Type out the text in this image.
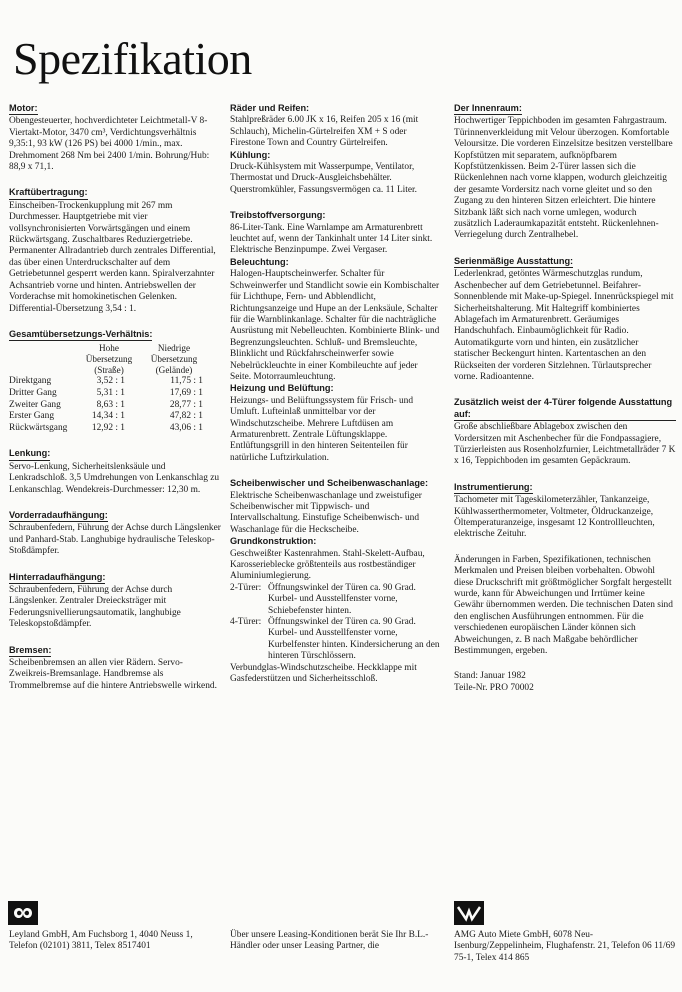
Spezifikation
Motor:

Obengesteuerter, hochverdichteter Leichtmetall-V 8-Viertakt-Motor, 3470 cm³, Verdichtungsverhältnis 9,35:1, 93 kW (126 PS) bei 4000 1/min., max. Drehmoment 268 Nm bei 2400 1/min. Bohrung/Hub: 88,9 x 71,1.

Kraftübertragung:

Einscheiben-Trockenkupplung mit 267 mm Durchmesser. Hauptgetriebe mit vier vollsynchronisierten Vorwärtsgängen und einem Rückwärtsgang. Zuschaltbares Reduziergetriebe. Permanenter Allradantrieb durch zentrales Differential, das über einen Unterdruckschalter auf dem Getriebetunnel gesperrt werden kann. Spiralverzahnter Achsantrieb vorne und hinten. Antriebswellen der Vorderachse mit homokinetischen Gelenken. Differential-Übersetzung 3,54 : 1.

Gesamtübersetzungs-Verhältnis:
Hohe Übersetzung (Straße)
Niedrige Übersetzung (Gelände)
Direktgang	3,52 : 1	11,75 : 1
Dritter Gang	5,31 : 1	17,69 : 1
Zweiter Gang	8,63 : 1	28,77 : 1
Erster Gang	14,34 : 1	47,82 : 1
Rückwärtsgang	12,92 : 1	43,06 : 1
Lenkung:

Servo-Lenkung, Sicherheitslenksäule und Lenkradschloß. 3,5 Umdrehungen von Lenkanschlag zu Lenkanschlag. Wendekreis-Durchmesser: 12,30 m.

Vorderradaufhängung:

Schraubenfedern, Führung der Achse durch Längslenker und Panhard-Stab. Langhubige hydraulische Teleskop-Stoßdämpfer.

Hinterradaufhängung:

Schraubenfedern, Führung der Achse durch Längslenker. Zentraler Dreiecksträger mit Federungsnivellierungsautomatik, langhubige Teleskopstoßdämpfer.

Bremsen:

Scheibenbremsen an allen vier Rädern. Servo-Zweikreis-Bremsanlage. Handbremse als Trommelbremse auf die hintere Antriebswelle wirkend.

Räder und Reifen:

Stahlpreßräder 6.00 JK x 16, Reifen 205 x 16 (mit Schlauch), Michelin-Gürtelreifen XM + S oder Firestone Town and Country Gürtelreifen.

Kühlung:

Druck-Kühlsystem mit Wasserpumpe, Ventilator, Thermostat und Druck-Ausgleichsbehälter. Querstromkühler, Fassungsvermögen ca. 11 Liter.

Treibstoffversorgung:

86-Liter-Tank. Eine Warnlampe am Armaturenbrett leuchtet auf, wenn der Tankinhalt unter 14 Liter sinkt. Elektrische Benzinpumpe. Zwei Vergaser.

Beleuchtung:

Halogen-Hauptscheinwerfer. Schalter für Schweinwerfer und Standlicht sowie ein Kombischalter für Lichthupe, Fern- und Abblendlicht, Richtungsanzeige und Hupe an der Lenksäule, Schalter für die Warnblinkanlage. Schalter für die nachträgliche Ausrüstung mit Nebelleuchten. Kombinierte Blink- und Begrenzungsleuchten. Schluß- und Bremsleuchte, Blinklicht und Rückfahrscheinwerfer sowie Nebelrückleuchte in einer Kombileuchte auf jeder Seite. Motorraumleuchtung.

Heizung und Belüftung:

Heizungs- und Belüftungssystem für Frisch- und Umluft. Lufteinlaß unmittelbar vor der Windschutzscheibe. Mehrere Luftdüsen am Armaturenbrett. Zentrale Lüftungsklappe. Entlüftungsgrill in den hinteren Seitenteilen für natürliche Luftzirkulation.

Scheibenwischer und Scheibenwaschanlage:

Elektrische Scheibenwaschanlage und zweistufiger Scheibenwischer mit Tippwisch- und Intervallschaltung. Einstufige Scheibenwisch- und Waschanlage für die Heckscheibe.

Grundkonstruktion:

Geschweißter Kastenrahmen. Stahl-Skelett-Aufbau, Karosserieblecke größtenteils aus rostbeständiger Aluminiumlegierung.

2-Türer: Öffnungswinkel der Türen ca. 90 Grad. Kurbel- und Ausstellfenster vorne, Schiebefenster hinten.
4-Türer: Öffnungswinkel der Türen ca. 90 Grad. Kurbel- und Ausstellfenster vorne, Kurbelfenster hinten. Kindersicherung an den hinteren Türschlössern.

Verbundglas-Windschutzscheibe. Heckklappe mit Gasfederstützen und Sicherheitsschloß.

Der Innenraum:

Hochwertiger Teppichboden im gesamten Fahrgastraum. Türinnenverkleidung mit Velour überzogen. Komfortable Veloursitze. Die vorderen Einzelsitze besitzen verstellbare Kopfstützen mit separatem, aufknöpfbarem Kopfstützenkissen. Beim 2-Türer lassen sich die Rückenlehnen nach vorne klappen, wodurch gleichzeitig der gesamte Vordersitz nach vorne gleitet und so den Zugang zu den hinteren Sitzen erleichtert. Die hintere Sitzbank läßt sich nach vorne umlegen, wodurch zusätzlich Laderaumkapazität entsteht. Rückenlehnen-Verriegelung durch Zentralhebel.

Serienmäßige Ausstattung:

Lederlenkrad, getöntes Wärmeschutzglas rundum, Aschenbecher auf dem Getriebetunnel. Beifahrer-Sonnenblende mit Make-up-Spiegel. Innenrückspiegel mit Sicherheitshalterung. Mit Haltegriff kombiniertes Ablagefach im Armaturenbrett. Geräumiges Handschuhfach. Einbaumöglichkeit für Radio. Automatikgurte vorn und hinten, ein zusätzlicher statischer Beckengurt hinten. Kartentaschen an den Rückseiten der vorderen Sitzlehnen. Türlautsprecher vorne. Radioantenne.

Zusätzlich weist der 4-Türer folgende Ausstattung auf:

Große abschließbare Ablagebox zwischen den Vordersitzen mit Aschenbecher für die Fondpassagiere, Türzierleisten aus Rosenholzfurnier, Leichtmetallräder 7 K x 16, Teppichboden im gesamten Gepäckraum.

Instrumentierung:

Tachometer mit Tageskilometerzähler, Tankanzeige, Kühlwasserthermometer, Voltmeter, Öldruckanzeige, Öltemperaturanzeige, insgesamt 12 Kontrollleuchten, elektrische Zeituhr.

Änderungen in Farben, Spezifikationen, technischen Merkmalen und Preisen bleiben vorbehalten. Obwohl diese Druckschrift mit größtmöglicher Sorgfalt hergestellt wurde, kann für Abweichungen und Irrtümer keine Gewähr übernommen werden. Die technischen Daten sind den englischen Ausführungen entnommen. Für die verschiedenen europäischen Länder können sich Abweichungen, z. B nach Maßgabe behördlicher Bestimmungen, ergeben.

Stand: Januar 1982

Teile-Nr. PRO 70002

Leyland GmbH, Am Fuchsborg 1, 4040 Neuss 1, Telefon (02101) 3811, Telex 8517401
Über unsere Leasing-Konditionen berät Sie Ihr B.L.-Händler oder unser Leasing Partner, die
AMG Auto Miete GmbH, 6078 Neu-Isenburg/Zeppelinheim, Flughafenstr. 21, Telefon 06 11/69 75-1, Telex 414 865
